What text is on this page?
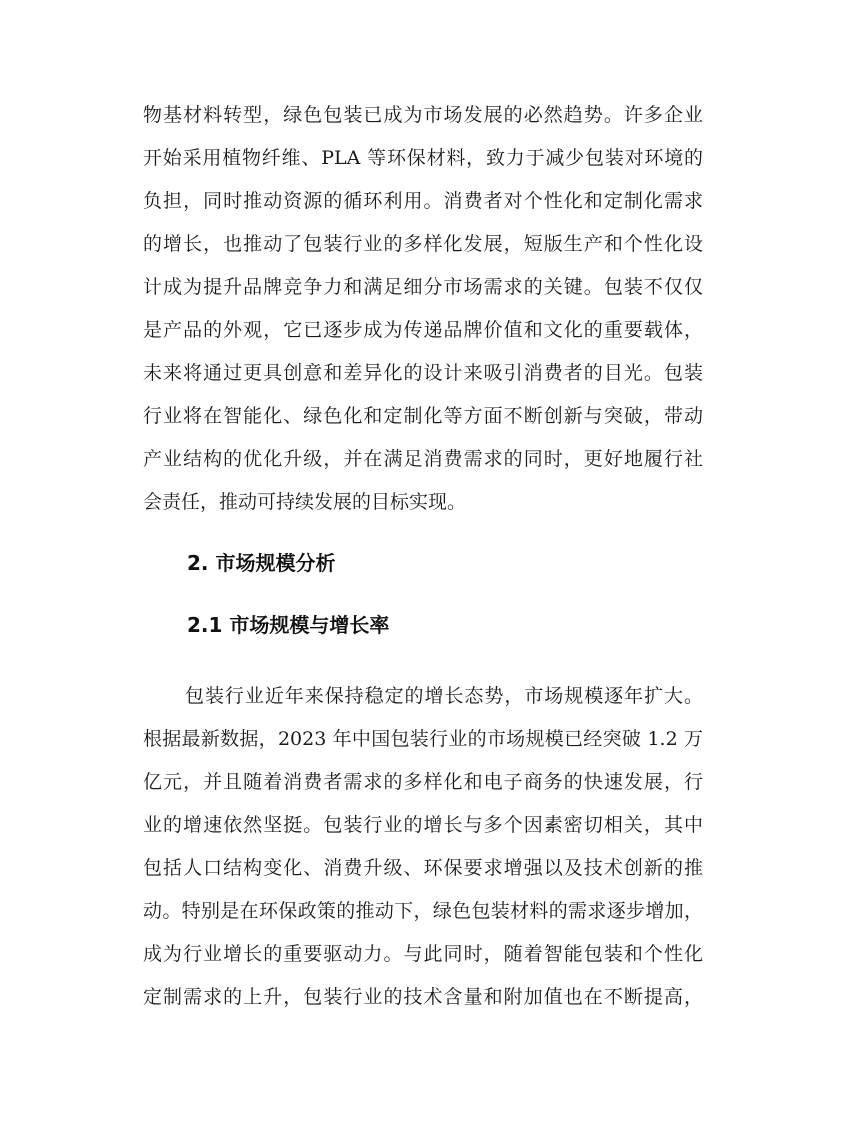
物基材料转型，绿色包装已成为市场发展的必然趋势。许多企业
开始采用植物纤维、PLA 等环保材料，致力于减少包装对环境的
负担，同时推动资源的循环利用。消费者对个性化和定制化需求
的增长，也推动了包装行业的多样化发展，短版生产和个性化设
计成为提升品牌竞争力和满足细分市场需求的关键。包装不仅仅
是产品的外观，它已逐步成为传递品牌价值和文化的重要载体，
未来将通过更具创意和差异化的设计来吸引消费者的目光。包装
行业将在智能化、绿色化和定制化等方面不断创新与突破，带动
产业结构的优化升级，并在满足消费需求的同时，更好地履行社
会责任，推动可持续发展的目标实现。
2. 市场规模分析
2.1 市场规模与增长率
包装行业近年来保持稳定的增长态势，市场规模逐年扩大。
根据最新数据，2023 年中国包装行业的市场规模已经突破 1.2 万
亿元，并且随着消费者需求的多样化和电子商务的快速发展，行
业的增速依然坚挺。包装行业的增长与多个因素密切相关，其中
包括人口结构变化、消费升级、环保要求增强以及技术创新的推
动。特别是在环保政策的推动下，绿色包装材料的需求逐步增加，
成为行业增长的重要驱动力。与此同时，随着智能包装和个性化
定制需求的上升，包装行业的技术含量和附加值也在不断提高，
